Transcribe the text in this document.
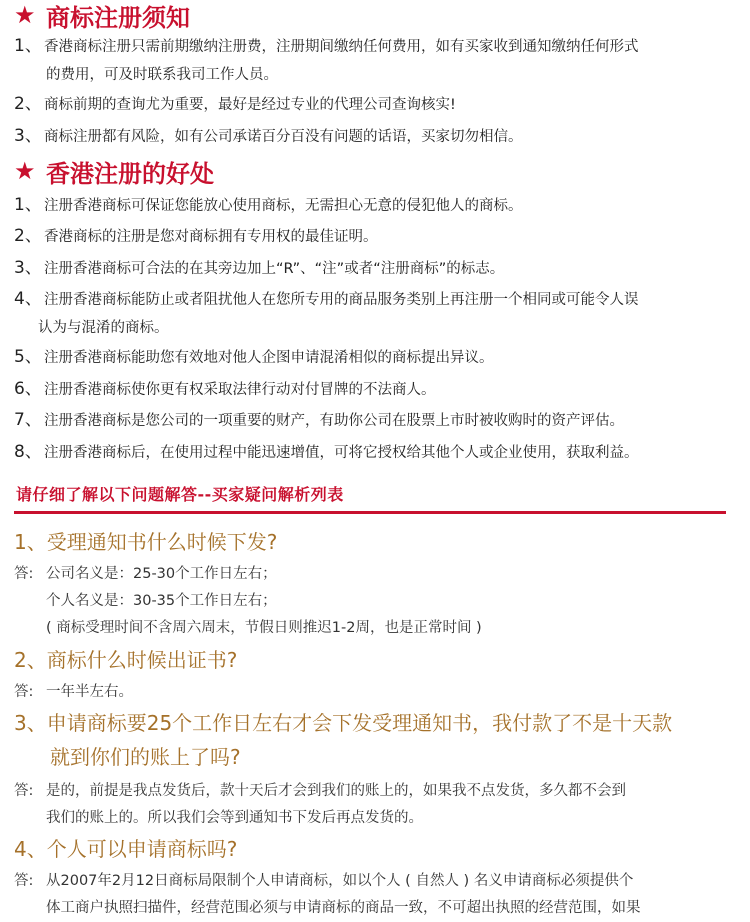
★ 商标注册须知
1、 香港商标注册只需前期缴纳注册费，注册期间缴纳任何费用，如有买家收到通知缴纳任何形式
的费用，可及时联系我司工作人员。
2、 商标前期的查询尤为重要，最好是经过专业的代理公司查询核实!
3、 商标注册都有风险，如有公司承诺百分百没有问题的话语，买家切勿相信。
★ 香港注册的好处
1、 注册香港商标可保证您能放心使用商标，无需担心无意的侵犯他人的商标。
2、 香港商标的注册是您对商标拥有专用权的最佳证明。
3、 注册香港商标可合法的在其旁边加上“R”、“注”或者“注册商标”的标志。
4、 注册香港商标能防止或者阻扰他人在您所专用的商品服务类别上再注册一个相同或可能令人误
认为与混淆的商标。
5、 注册香港商标能助您有效地对他人企图申请混淆相似的商标提出异议。
6、 注册香港商标使你更有权采取法律行动对付冒牌的不法商人。
7、 注册香港商标是您公司的一项重要的财产，有助你公司在股票上市时被收购时的资产评估。
8、 注册香港商标后，在使用过程中能迅速增值，可将它授权给其他个人或企业使用，获取利益。
请仔细了解以下问题解答--买家疑问解析列表
1、受理通知书什么时候下发?
答: 公司名义是：25-30个工作日左右；
个人名义是：30-35个工作日左右；
( 商标受理时间不含周六周末，节假日则推迟1-2周，也是正常时间 )
2、商标什么时候出证书?
答: 一年半左右。
3、申请商标要25个工作日左右才会下发受理通知书，我付款了不是十天款
就到你们的账上了吗?
答: 是的，前提是我点发货后，款十天后才会到我们的账上的，如果我不点发货，多久都不会到
我们的账上的。所以我们会等到通知书下发后再点发货的。
4、个人可以申请商标吗?
答: 从2007年2月12日商标局限制个人申请商标，如以个人 ( 自然人 ) 名义申请商标必须提供个
体工商户执照扫描件，经营范围必须与申请商标的商品一致，不可超出执照的经营范围，如果
